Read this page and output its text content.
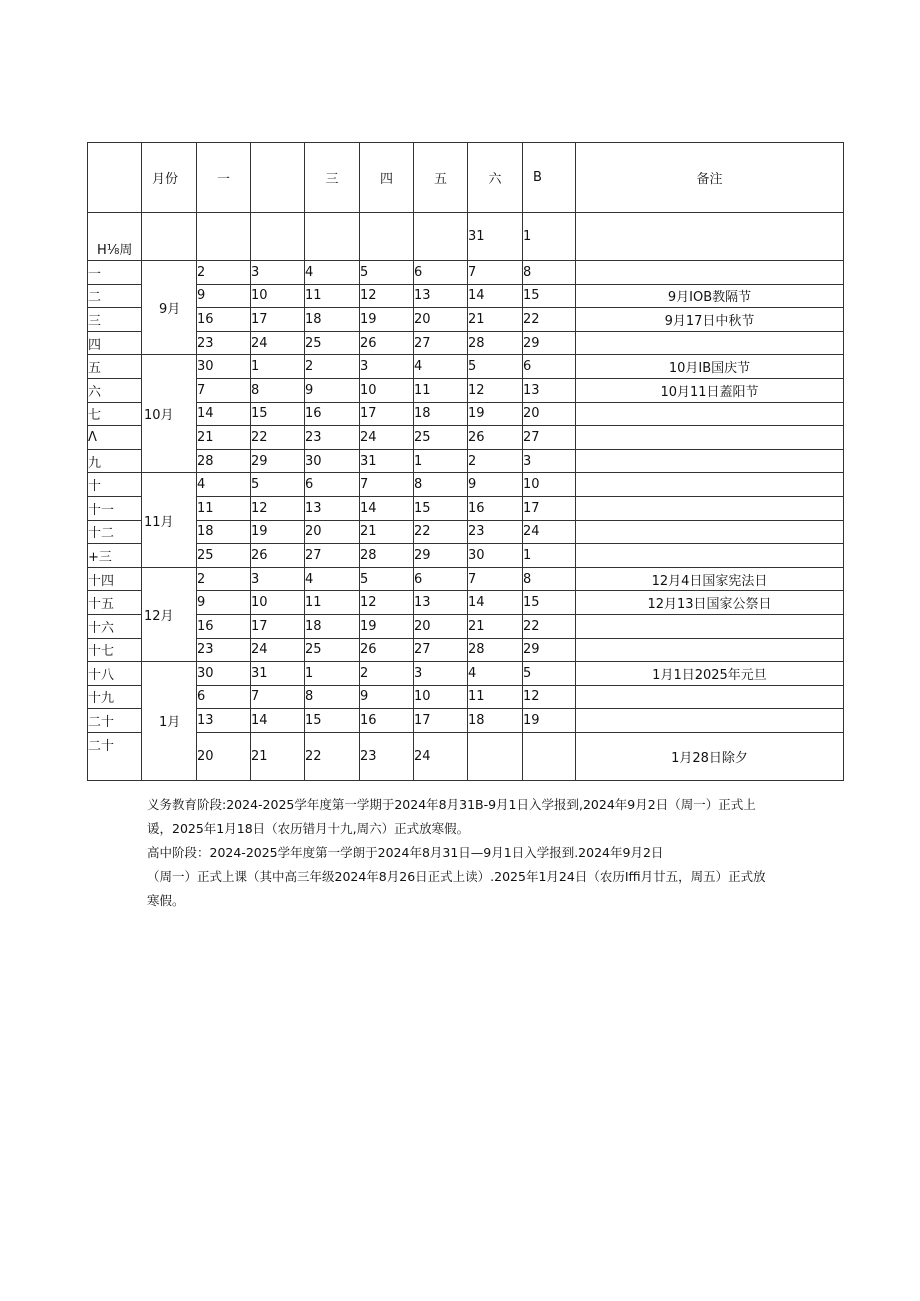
	月份	一		三	四	五	六	B	备注
H⅛周							31	1	
一	9月	2	3	4	5	6	7	8	
二		9	10	11	12	13	14	15	9月IOB教隔节
三		16	17	18	19	20	21	22	9月17日中秋节
四		23	24	25	26	27	28	29	
五	10月	30	1	2	3	4	5	6	10月IB国庆节
六		7	8	9	10	11	12	13	10月11日蓋阳节
七		14	15	16	17	18	19	20	
Λ		21	22	23	24	25	26	27	
九		28	29	30	31	1	2	3	
十	11月	4	5	6	7	8	9	10	
十一		11	12	13	14	15	16	17	
十二		18	19	20	21	22	23	24	
+三		25	26	27	28	29	30	1	
十四	12月	2	3	4	5	6	7	8	12月4日国家宪法日
十五		9	10	11	12	13	14	15	12月13日国家公祭日
十六		16	17	18	19	20	21	22	
十七		23	24	25	26	27	28	29	
十八	1月	30	31	1	2	3	4	5	1月1日2025年元旦
十九		6	7	8	9	10	11	12	
二十		13	14	15	16	17	18	19	
二十		20	21	22	23	24			1月28日除夕

义务教育阶段:2024-2025学年度第一学期于2024年8月31B-9月1日入学报到,2024年9月2日（周一）正式上

谖，2025年1月18日（农历错月十九,周六）正式放寒假。

高中阶段：2024-2025学年度第一学朗于2024年8月31日—9月1日入学报到.2024年9月2日

（周一）正式上课（其中高三年级2024年8月26日正式上读）.2025年1月24日（农历Iffi月廿五，周五）正式放

寒假。
